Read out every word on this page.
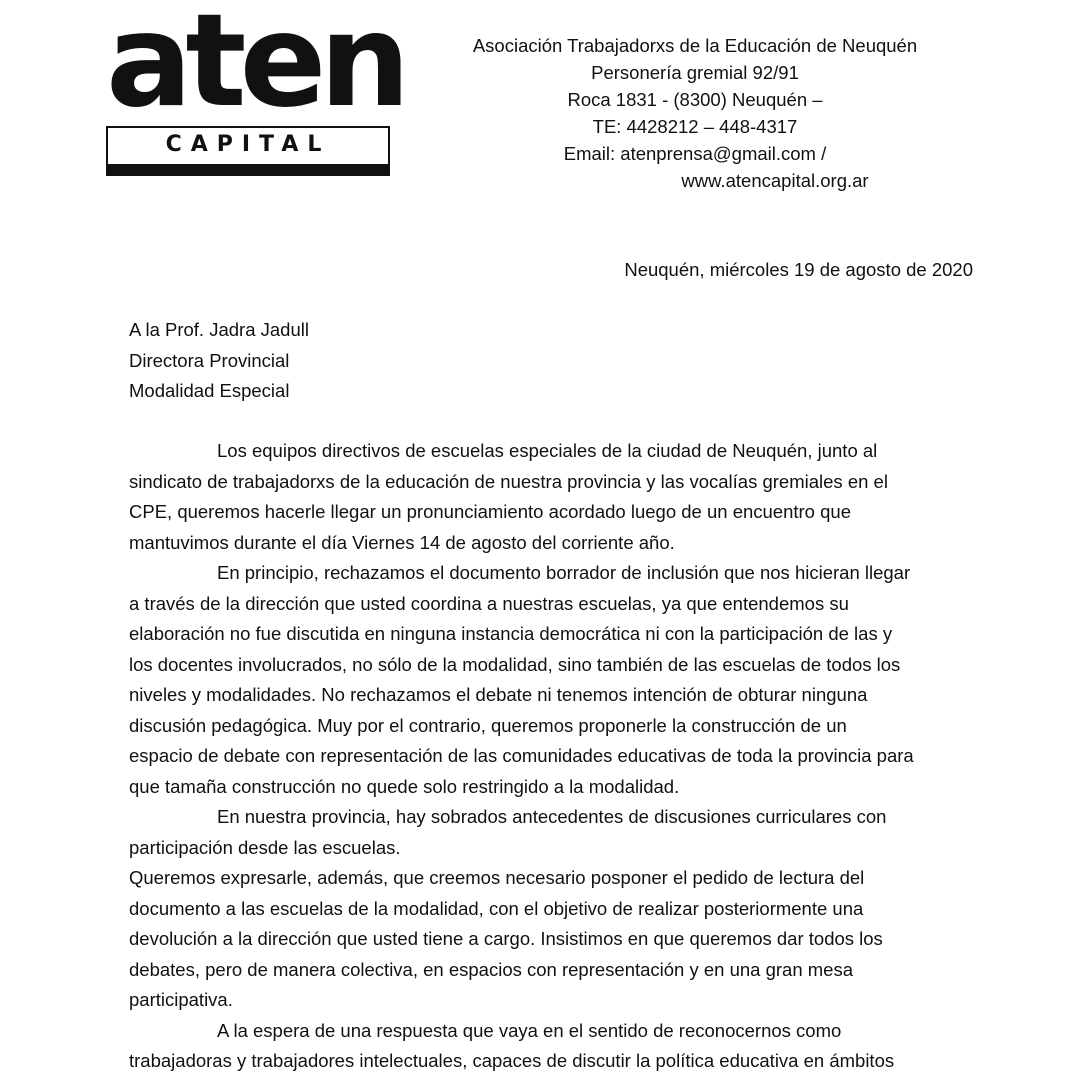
aten
CAPITAL
Asociación Trabajadorxs de la Educación de Neuquén
Personería gremial 92/91
Roca 1831 - (8300) Neuquén –
TE: 4428212 – 448-4317
Email: atenprensa@gmail.com /
www.atencapital.org.ar
Neuquén, miércoles 19 de agosto de 2020
A la Prof. Jadra Jadull
Directora Provincial
Modalidad Especial
Los equipos directivos de escuelas especiales de la ciudad de Neuquén, junto al
sindicato de trabajadorxs de la educación de nuestra provincia y las vocalías gremiales en el
CPE, queremos hacerle llegar un pronunciamiento acordado luego de un encuentro que
mantuvimos durante el día Viernes 14 de agosto del corriente año.
En principio, rechazamos el documento borrador de inclusión que nos hicieran llegar
a través de la dirección que usted coordina a nuestras escuelas, ya que entendemos su
elaboración no fue discutida en ninguna instancia democrática ni con la participación de las y
los docentes involucrados, no sólo de la modalidad, sino también de las escuelas de todos los
niveles y modalidades. No rechazamos el debate ni tenemos intención de obturar ninguna
discusión pedagógica. Muy por el contrario, queremos proponerle la construcción de un
espacio de debate con representación de las comunidades educativas de toda la provincia para
que tamaña construcción no quede solo restringido a la modalidad.
En nuestra provincia, hay sobrados antecedentes de discusiones curriculares con
participación desde las escuelas.
Queremos expresarle, además, que creemos necesario posponer el pedido de lectura del
documento a las escuelas de la modalidad, con el objetivo de realizar posteriormente una
devolución a la dirección que usted tiene a cargo. Insistimos en que queremos dar todos los
debates, pero de manera colectiva, en espacios con representación y en una gran mesa
participativa.
A la espera de una respuesta que vaya en el sentido de reconocernos como
trabajadoras y trabajadores intelectuales, capaces de discutir la política educativa en ámbitos
